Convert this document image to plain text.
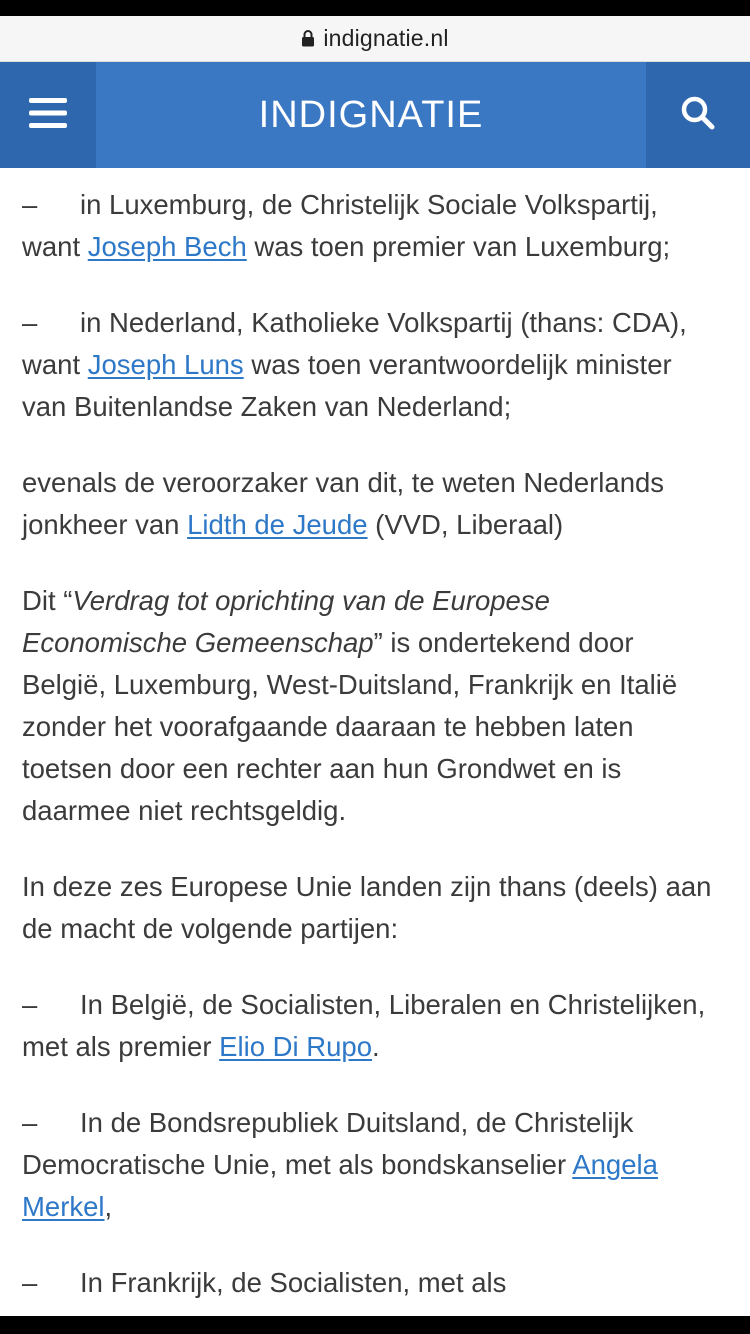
indignatie.nl
INDIGNATIE

– in Luxemburg, de Christelijk Sociale Volkspartij, want Joseph Bech was toen premier van Luxemburg;

– in Nederland, Katholieke Volkspartij (thans: CDA), want Joseph Luns was toen verantwoordelijk minister van Buitenlandse Zaken van Nederland;

evenals de veroorzaker van dit, te weten Nederlands jonkheer van Lidth de Jeude (VVD, Liberaal)

Dit “Verdrag tot oprichting van de Europese Economische Gemeenschap” is ondertekend door België, Luxemburg, West-Duitsland, Frankrijk en Italië zonder het voorafgaande daaraan te hebben laten toetsen door een rechter aan hun Grondwet en is daarmee niet rechtsgeldig.

In deze zes Europese Unie landen zijn thans (deels) aan de macht de volgende partijen:

– In België, de Socialisten, Liberalen en Christelijken, met als premier Elio Di Rupo.

– In de Bondsrepubliek Duitsland, de Christelijk Democratische Unie, met als bondskanselier Angela Merkel,

– In Frankrijk, de Socialisten, met als
